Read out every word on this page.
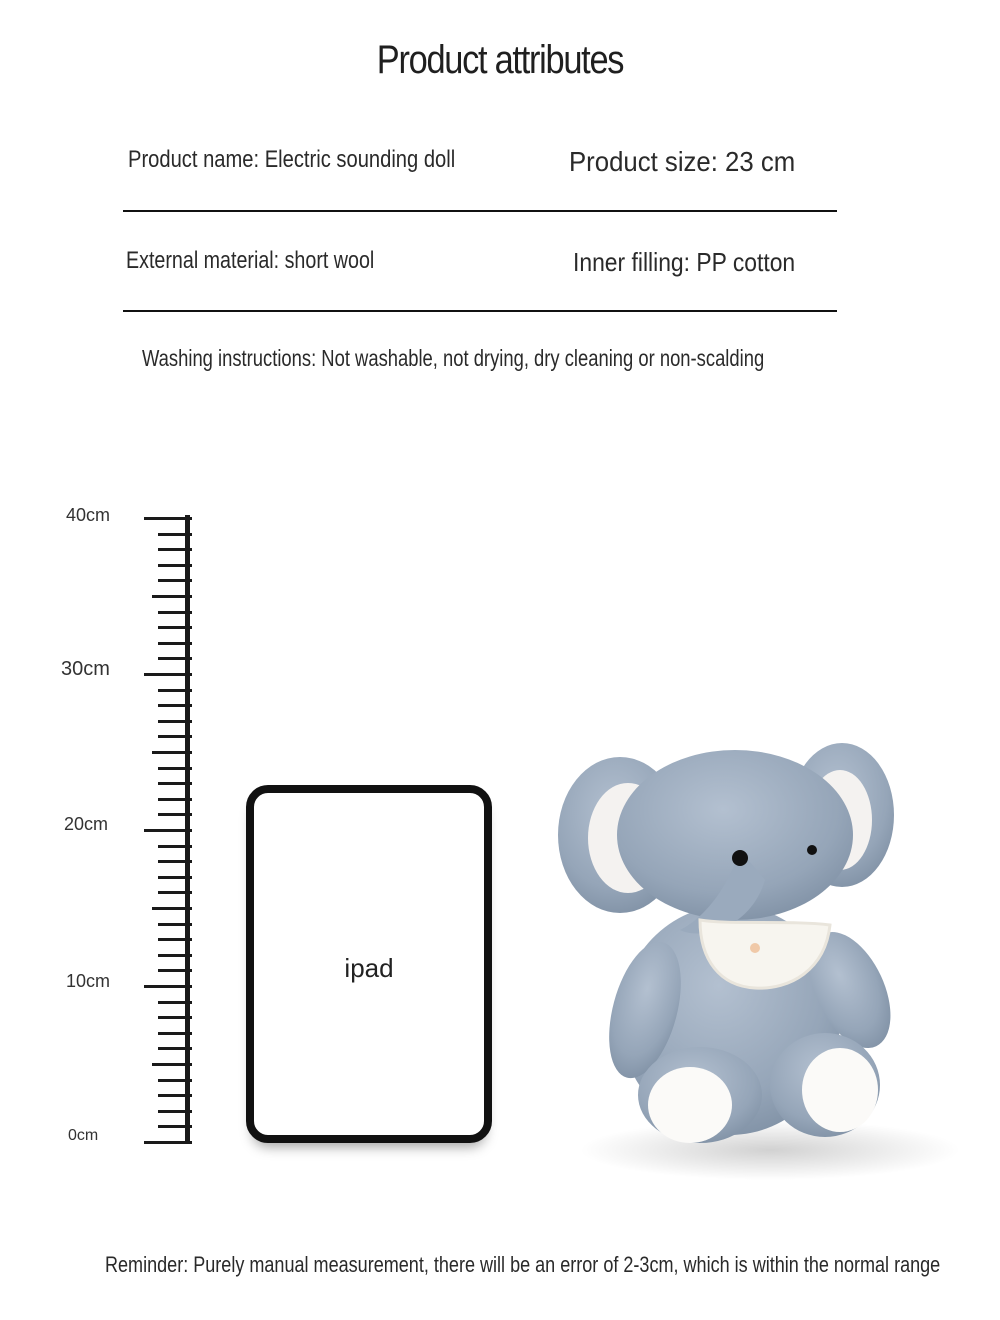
Product attributes
Product name: Electric sounding doll	Product size: 23 cm
External material: short wool	Inner filling: PP cotton
Washing instructions: Not washable, not drying, dry cleaning or non-scalding
40cm
30cm
20cm
10cm
0cm
ipad
Reminder: Purely manual measurement, there will be an error of 2-3cm, which is within the normal range
